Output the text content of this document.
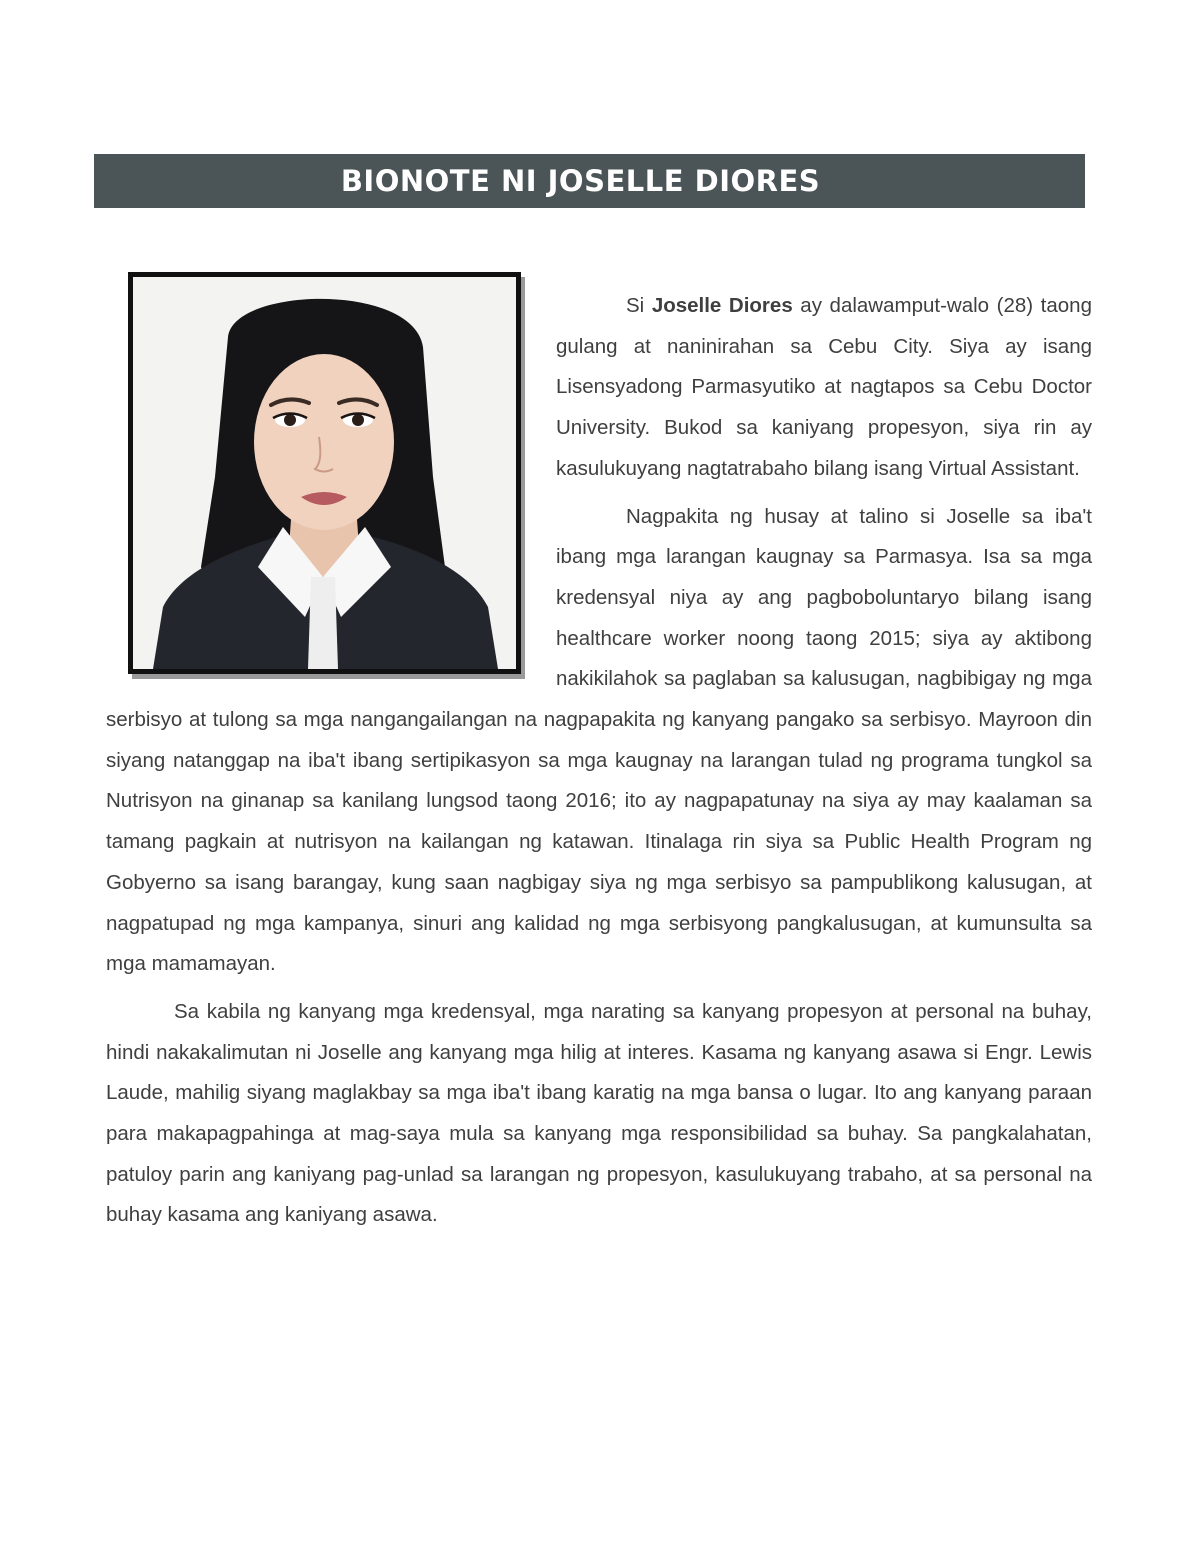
BIONOTE NI JOSELLE DIORES

Si Joselle Diores ay dalawamput-walo (28) taong gulang at naninirahan sa Cebu City. Siya ay isang Lisensyadong Parmasyutiko at nagtapos sa Cebu Doctor University. Bukod sa kaniyang propesyon, siya rin ay kasulukuyang nagtatrabaho bilang isang Virtual Assistant.

Nagpakita ng husay at talino si Joselle sa iba't ibang mga larangan kaugnay sa Parmasya. Isa sa mga kredensyal niya ay ang pagboboluntaryo bilang isang healthcare worker noong taong 2015; siya ay aktibong nakikilahok sa paglaban sa kalusugan, nagbibigay ng mga serbisyo at tulong sa mga nangangailangan na nagpapakita ng kanyang pangako sa serbisyo. Mayroon din siyang natanggap na iba't ibang sertipikasyon sa mga kaugnay na larangan tulad ng programa tungkol sa Nutrisyon na ginanap sa kanilang lungsod taong 2016; ito ay nagpapatunay na siya ay may kaalaman sa tamang pagkain at nutrisyon na kailangan ng katawan. Itinalaga rin siya sa Public Health Program ng Gobyerno sa isang barangay, kung saan nagbigay siya ng mga serbisyo sa pampublikong kalusugan, at nagpatupad ng mga kampanya, sinuri ang kalidad ng mga serbisyong pangkalusugan, at kumunsulta sa mga mamamayan.

Sa kabila ng kanyang mga kredensyal, mga narating sa kanyang propesyon at personal na buhay, hindi nakakalimutan ni Joselle ang kanyang mga hilig at interes. Kasama ng kanyang asawa si Engr. Lewis Laude, mahilig siyang maglakbay sa mga iba't ibang karatig na mga bansa o lugar. Ito ang kanyang paraan para makapagpahinga at mag-saya mula sa kanyang mga responsibilidad sa buhay. Sa pangkalahatan, patuloy parin ang kaniyang pag-unlad sa larangan ng propesyon, kasulukuyang trabaho, at sa personal na buhay kasama ang kaniyang asawa.
